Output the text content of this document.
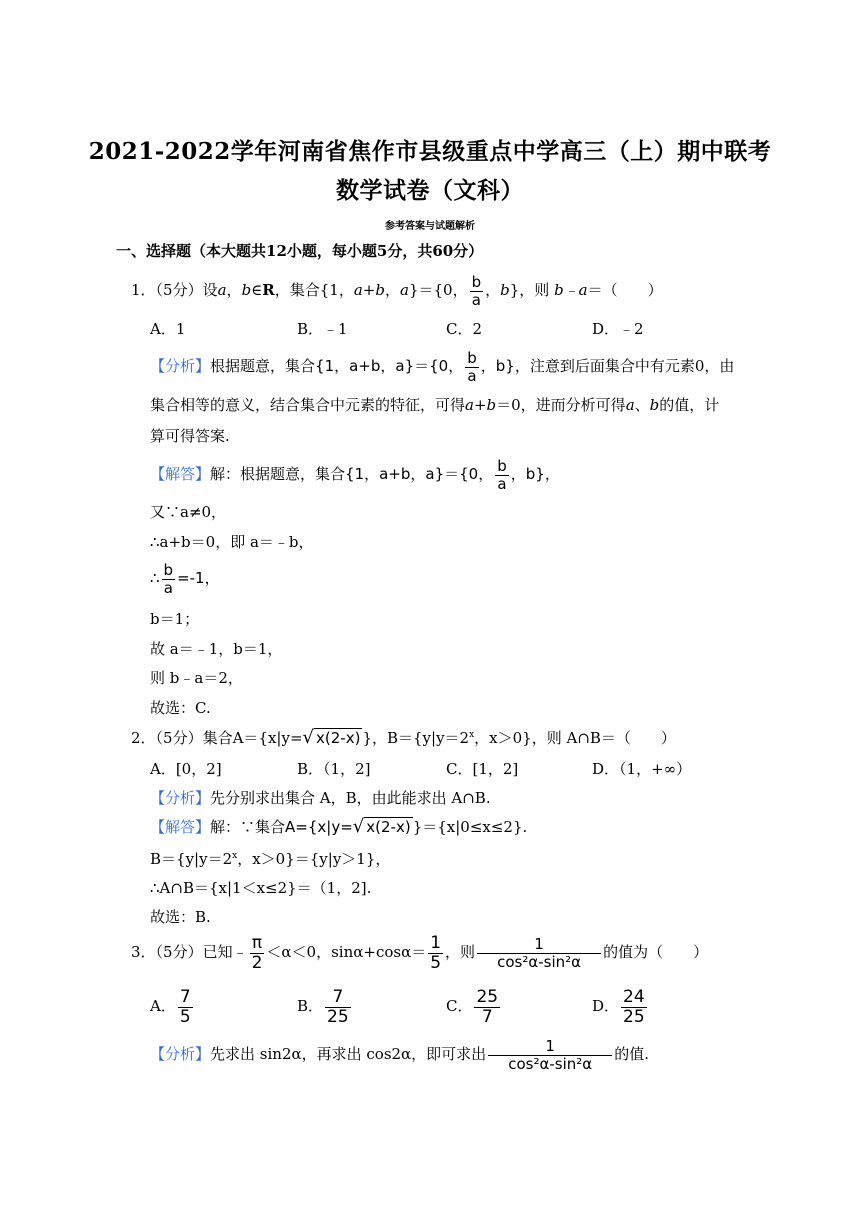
2021-2022学年河南省焦作市县级重点中学高三（上）期中联考
数学试卷（文科）
参考答案与试题解析
一、选择题（本大题共12小题，每小题5分，共60分）
1．（5分）设a，b∈R，集合{1，a+b，a}＝{0， $\frac{b}{a}$ ，b}，则 b﹣a＝（　　）
A．1	B．﹣1	C．2	D．﹣2
【分析】根据题意，集合{1，a+b，a}＝{0， $\frac{b}{a}$ ，b}，注意到后面集合中有元素0，由
集合相等的意义，结合集合中元素的特征，可得a+b＝0，进而分析可得a、b的值，计
算可得答案.
【解答】解：根据题意，集合{1，a+b，a}＝{0， $\frac{b}{a}$ ，b}，
又∵a≠0，
∴a+b＝0，即 a＝﹣b，
∴ $\frac{b}{a} =-1$，
b＝1；
故 a＝﹣1，b＝1，
则 b﹣a＝2，
故选：C.
2．（5分）集合A＝{x|y=√ x(2-x) }，$B=\{y|y=2^x$，x＞0}，则 A∩B＝（　　）
A．[0，2]	B．（1，2]	C．[1，2]	D．（1，+∞）
【分析】先分别求出集合 A，B，由此能求出 A∩B.
【解答】解：∵集合A={x|y=√ x(2-x) }＝{x|0≤x≤2}.
$B=\{y|y=2^x$，x＞0}＝{y|y＞1}，
∴A∩B＝{x|1＜x≤2}＝（1，2].
故选：B.
3．（5分）已知﹣ $\frac{\pi}{2} <\alpha<0$，$\sin\alpha+\cos\alpha= \frac{1}{5}$ ，则 $\frac{1}{\text{cos²α-sin²α}}$ 的值为（　　）
A． $\frac{7}{5}$	B． $\frac{7}{25}$	C． $\frac{25}{7}$	D． $\frac{24}{25}$
【分析】先求出 sin2α，再求出 cos2α，即可求出 $\frac{1}{\text{cos²α-sin²α}}$ 的值.
